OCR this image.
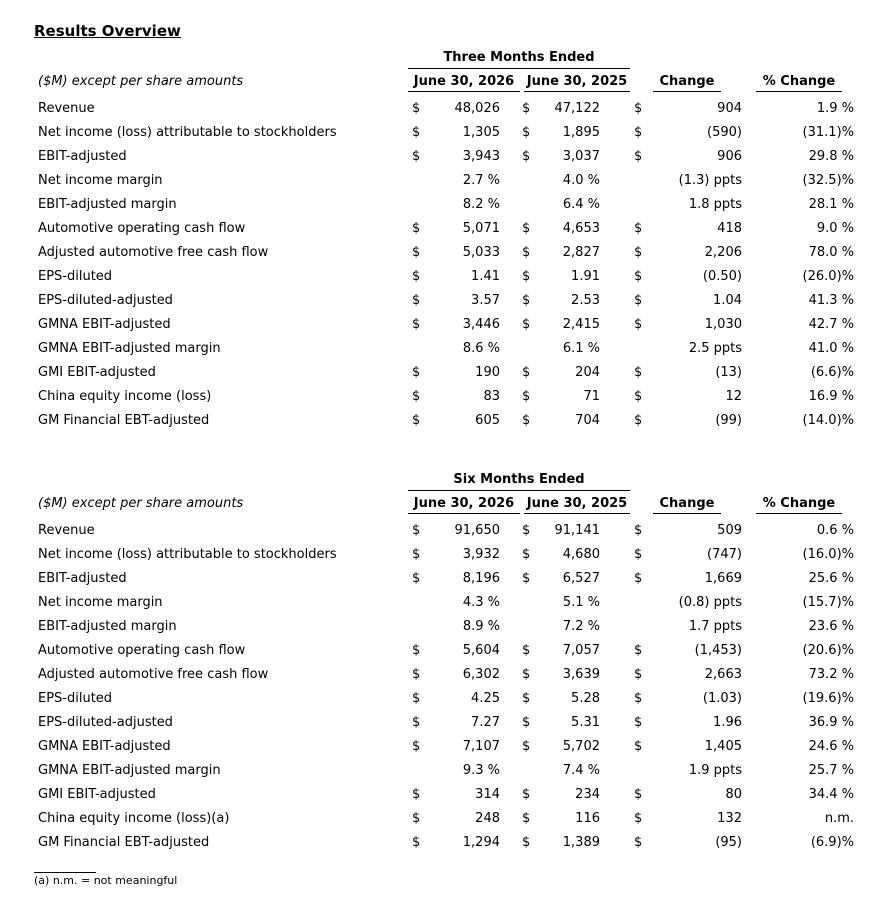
Results Overview
Three Months Ended
($M) except per share amounts	June 30, 2026 June 30, 2025	Change	% Change
Revenue	$	48,026 $ 47,122	$	904	1.9 %
Net income (loss) attributable to stockholders	$	1,305 $	1,895	$	(590)	(31.1)%
EBIT-adjusted	$	3,943 $	3,037	$	906	29.8 %
Net income margin	2.7 %	4.0 %	(1.3) ppts	(32.5)%
EBIT-adjusted margin	8.2 %	6.4 %	1.8 ppts	28.1 %
Automotive operating cash flow	$	5,071 $	4,653	$	418	9.0 %
Adjusted automotive free cash flow	$	5,033 $	2,827	$	2,206	78.0 %
EPS-diluted	$	1.41 $	1.91	$	(0.50)	(26.0)%
EPS-diluted-adjusted	$	3.57 $	2.53	$	1.04	41.3 %
GMNA EBIT-adjusted	$	3,446 $	2,415	$	1,030	42.7 %
GMNA EBIT-adjusted margin	8.6 %	6.1 %	2.5 ppts	41.0 %
GMI EBIT-adjusted	$	190 $	204	$	(13)	(6.6)%
China equity income (loss)	$	83 $	71	$	12	16.9 %
GM Financial EBT-adjusted	$	605 $	704	$	(99)	(14.0)%
Six Months Ended
($M) except per share amounts	June 30, 2026 June 30, 2025	Change	% Change
Revenue	$	91,650 $ 91,141	$	509	0.6 %
Net income (loss) attributable to stockholders	$	3,932 $	4,680	$	(747)	(16.0)%
EBIT-adjusted	$	8,196 $	6,527	$	1,669	25.6 %
Net income margin	4.3 %	5.1 %	(0.8) ppts	(15.7)%
EBIT-adjusted margin	8.9 %	7.2 %	1.7 ppts	23.6 %
Automotive operating cash flow	$	5,604 $	7,057	$	(1,453)	(20.6)%
Adjusted automotive free cash flow	$	6,302 $	3,639	$	2,663	73.2 %
EPS-diluted	$	4.25 $	5.28	$	(1.03)	(19.6)%
EPS-diluted-adjusted	$	7.27 $	5.31	$	1.96	36.9 %
GMNA EBIT-adjusted	$	7,107 $	5,702	$	1,405	24.6 %
GMNA EBIT-adjusted margin	9.3 %	7.4 %	1.9 ppts	25.7 %
GMI EBIT-adjusted	$	314 $	234	$	80	34.4 %
China equity income (loss)(a)	$	248 $	116	$	132	n.m.
GM Financial EBT-adjusted	$	1,294 $	1,389	$	(95)	(6.9)%
(a) n.m. = not meaningful
